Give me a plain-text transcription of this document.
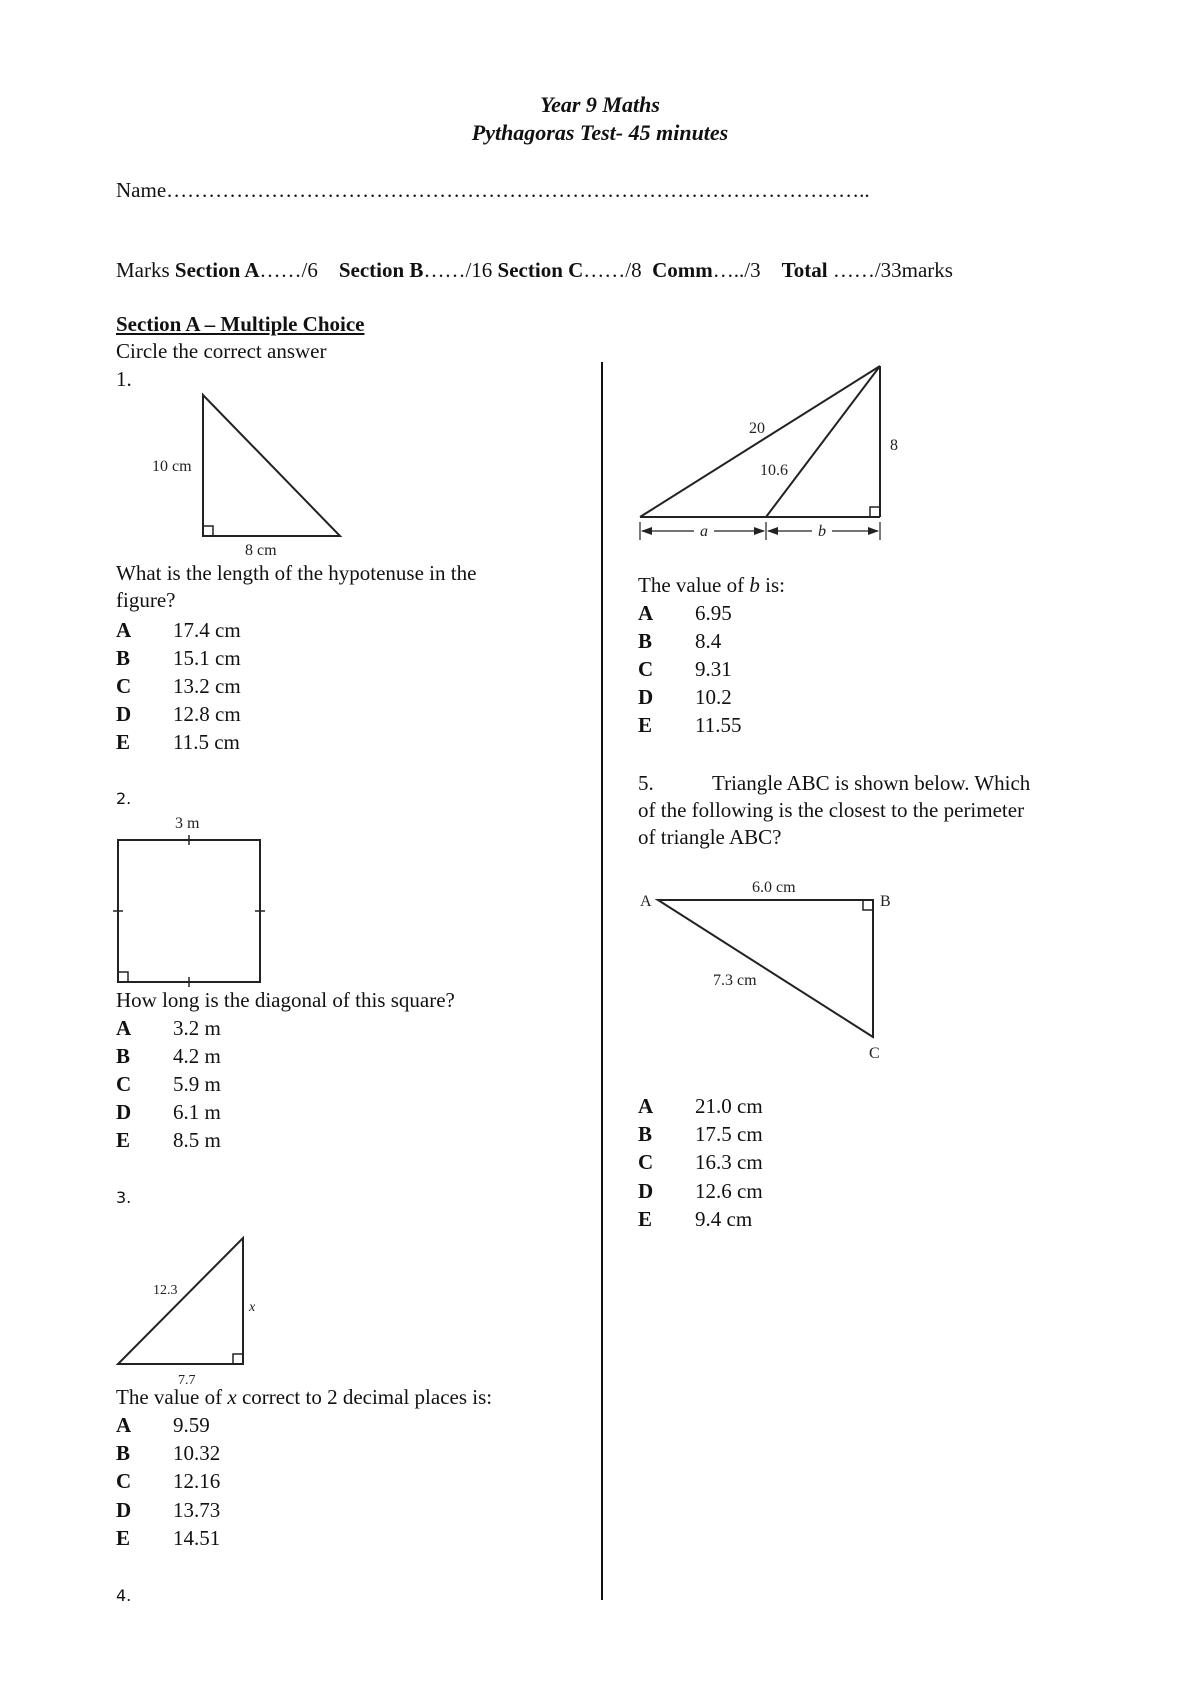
Year 9 Maths
Pythagoras Test- 45 minutes
Name………………………………………………………………………………………..
Marks Section A……/6 Section B……/16 Section C……/8 Comm…../3 Total ……/33marks
Section A – Multiple Choice
Circle the correct answer
1.
10 cm
8 cm
What is the length of the hypotenuse in the
figure?
A 17.4 cm
B 15.1 cm
C 13.2 cm
D 12.8 cm
E 11.5 cm
2.
3 m
How long is the diagonal of this square?
A 3.2 m
B 4.2 m
C 5.9 m
D 6.1 m
E 8.5 m
3.
12.3
x
7.7
The value of x correct to 2 decimal places is:
A 9.59
B 10.32
C 12.16
D 13.73
E 14.51
4.
20
10.6
8
a	b
The value of b is:
A 6.95
B 8.4
C 9.31
D 10.2
E 11.55
5.	Triangle ABC is shown below. Which
of the following is the closest to the perimeter
of triangle ABC?
6.0 cm
7.3 cm
A	B
C
A 21.0 cm
B 17.5 cm
C 16.3 cm
D 12.6 cm
E 9.4 cm
